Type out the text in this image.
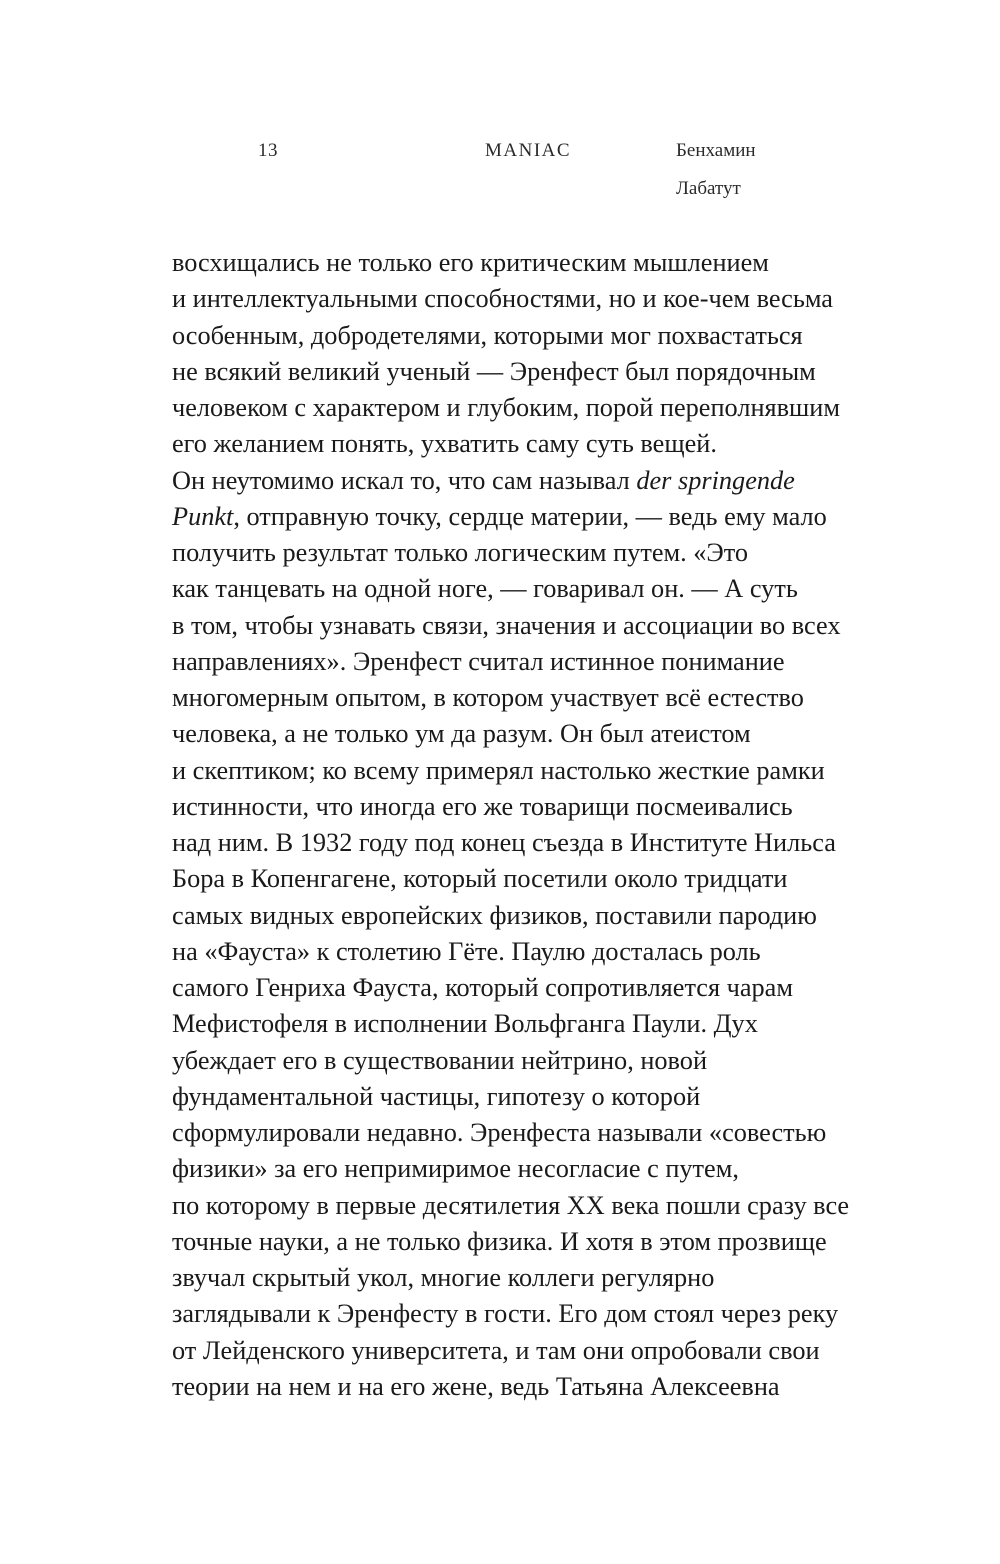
13	MANIAC	Бенхамин
Лабатут
восхищались не только его критическим мышлением
и интеллектуальными способностями, но и кое-чем весьма
особенным, добродетелями, которыми мог похвастаться
не всякий великий ученый — Эренфест был порядочным
человеком с характером и глубоким, порой переполнявшим
его желанием понять, ухватить саму суть вещей.
Он неутомимо искал то, что сам называл der springende
Punkt, отправную точку, сердце материи, — ведь ему мало
получить результат только логическим путем. «Это
как танцевать на одной ноге, — говаривал он. — А суть
в том, чтобы узнавать связи, значения и ассоциации во всех
направлениях». Эренфест считал истинное понимание
многомерным опытом, в котором участвует всё естество
человека, а не только ум да разум. Он был атеистом
и скептиком; ко всему примерял настолько жесткие рамки
истинности, что иногда его же товарищи посмеивались
над ним. В 1932 году под конец съезда в Институте Нильса
Бора в Копенгагене, который посетили около тридцати
самых видных европейских физиков, поставили пародию
на «Фауста» к столетию Гёте. Паулю досталась роль
самого Генриха Фауста, который сопротивляется чарам
Мефистофеля в исполнении Вольфганга Паули. Дух
убеждает его в существовании нейтрино, новой
фундаментальной частицы, гипотезу о которой
сформулировали недавно. Эренфеста называли «совестью
физики» за его непримиримое несогласие с путем,
по которому в первые десятилетия XX века пошли сразу все
точные науки, а не только физика. И хотя в этом прозвище
звучал скрытый укол, многие коллеги регулярно
заглядывали к Эренфесту в гости. Его дом стоял через реку
от Лейденского университета, и там они опробовали свои
теории на нем и на его жене, ведь Татьяна Алексеевна
